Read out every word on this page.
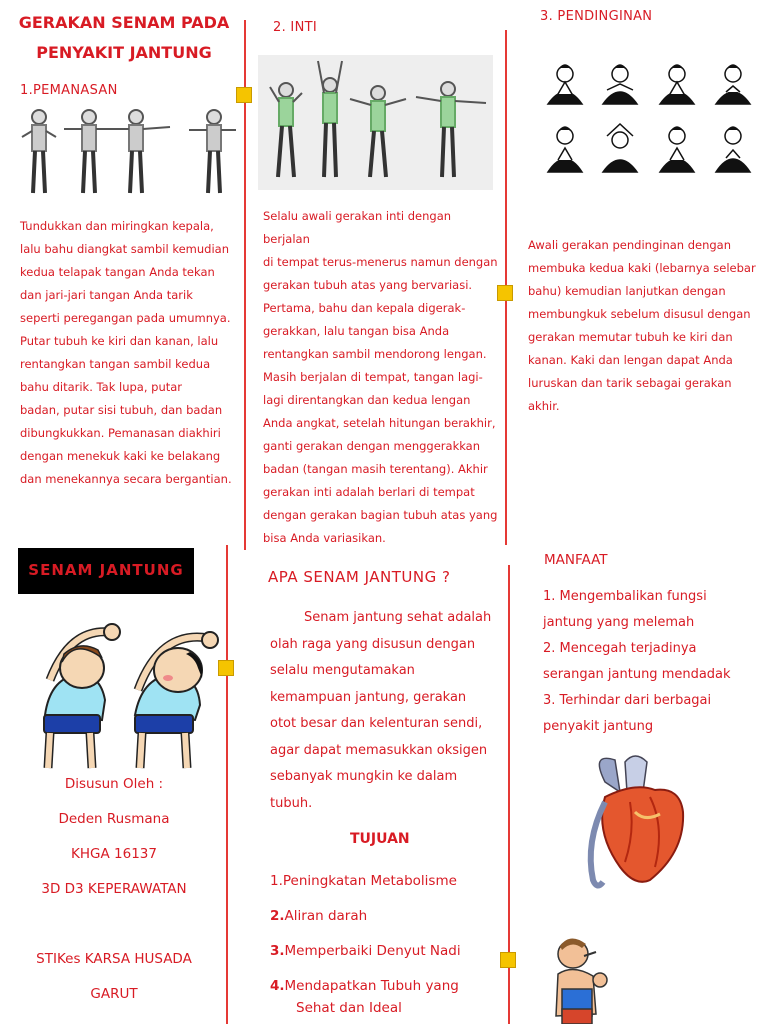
GERAKAN SENAM PADA
PENYAKIT JANTUNG
1.PEMANASAN
Tundukkan dan miringkan kepala,
lalu bahu diangkat sambil kemudian
kedua telapak tangan Anda tekan
dan jari-jari tangan Anda tarik
seperti peregangan pada umumnya.
Putar tubuh ke kiri dan kanan, lalu
rentangkan tangan sambil kedua
bahu ditarik. Tak lupa, putar
badan, putar sisi tubuh, dan badan
dibungkukkan. Pemanasan diakhiri
dengan menekuk kaki ke belakang
dan menekannya secara bergantian.
2. INTI
Selalu awali gerakan inti dengan berjalan
di tempat terus-menerus namun dengan
gerakan tubuh atas yang bervariasi.
Pertama, bahu dan kepala digerak-
gerakkan, lalu tangan bisa Anda
rentangkan sambil mendorong lengan.
Masih berjalan di tempat, tangan lagi-
lagi direntangkan dan kedua lengan
Anda angkat, setelah hitungan berakhir,
ganti gerakan dengan menggerakkan
badan (tangan masih terentang). Akhir
gerakan inti adalah berlari di tempat
dengan gerakan bagian tubuh atas yang
bisa Anda variasikan.
3. PENDINGINAN
Awali gerakan pendinginan dengan
membuka kedua kaki (lebarnya selebar
bahu) kemudian lanjutkan dengan
membungkuk sebelum disusul dengan
gerakan memutar tubuh ke kiri dan
kanan. Kaki dan lengan dapat Anda
luruskan dan tarik sebagai gerakan
akhir.
SENAM JANTUNG
Disusun Oleh :
Deden Rusmana
KHGA 16137
3D D3 KEPERAWATAN
STIKes KARSA HUSADA
GARUT
APA SENAM JANTUNG ?
Senam jantung sehat adalah
olah raga yang disusun dengan
selalu mengutamakan
kemampuan jantung, gerakan
otot besar dan kelenturan sendi,
agar dapat memasukkan oksigen
sebanyak mungkin ke dalam
tubuh.
TUJUAN
1.Peningkatan Metabolisme
2.Aliran darah
3.Memperbaiki Denyut Nadi
4.Mendapatkan Tubuh yang
Sehat dan Ideal
MANFAAT
1. Mengembalikan fungsi
jantung yang melemah
2. Mencegah terjadinya
serangan jantung mendadak
3. Terhindar dari berbagai
penyakit jantung
